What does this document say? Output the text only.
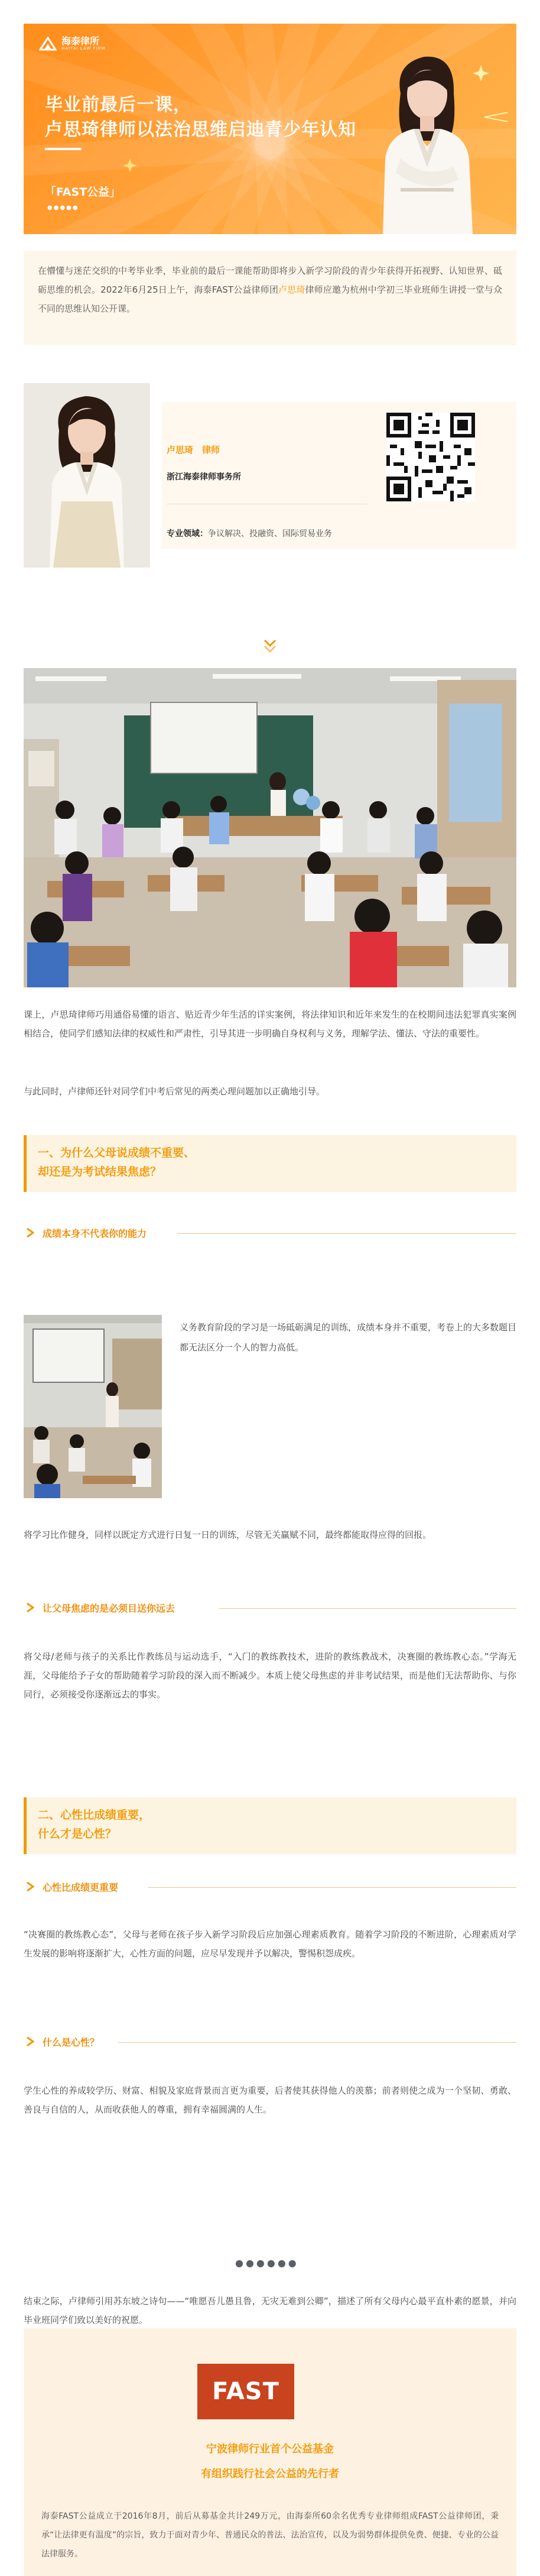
海泰律所
HAITAI LAW FIRM
毕业前最后一课，
卢思琦律师以法治思维启迪青少年认知
「FAST公益」
●●●●●
在懵懂与迷茫交织的中考毕业季，毕业前的最后一课能帮助即将步入新学习阶段的青少年获得开拓视野、认知世界、砥砺思维的机会。2022年6月25日上午，海泰FAST公益律师团卢思琦律师应邀为杭州中学初三毕业班师生讲授一堂与众不同的思维认知公开课。
卢思琦　律师
浙江海泰律师事务所
专业领域：争议解决、投融资、国际贸易业务
课上，卢思琦律师巧用通俗易懂的语言、贴近青少年生活的详实案例，将法律知识和近年来发生的在校期间违法犯罪真实案例相结合，使同学们感知法律的权威性和严肃性，引导其进一步明确自身权利与义务，理解学法、懂法、守法的重要性。
与此同时，卢律师还针对同学们中考后常见的两类心理问题加以正确地引导。
一、为什么父母说成绩不重要、
却还是为考试结果焦虑？
成绩本身不代表你的能力
义务教育阶段的学习是一场砥砺满足的训练，成绩本身并不重要，考卷上的大多数题目都无法区分一个人的智力高低。
将学习比作健身，同样以既定方式进行日复一日的训练，尽管无关赢赋不同，最终都能取得应得的回报。
让父母焦虑的是必须目送你远去
将父母/老师与孩子的关系比作教练员与运动选手，“入门的教练教技术，进阶的教练教战术，决赛圈的教练教心态。”学海无涯，父母能给予子女的帮助随着学习阶段的深入而不断减少。本质上使父母焦虑的并非考试结果，而是他们无法帮助你、与你同行，必须接受你逐渐远去的事实。
二、心性比成绩重要，
什么才是心性？
心性比成绩更重要
“决赛圈的教练教心态”，父母与老师在孩子步入新学习阶段后应加强心理素质教育。随着学习阶段的不断进阶，心理素质对学生发展的影响将逐渐扩大，心性方面的问题，应尽早发现并予以解决，警惕积怨成疾。
什么是心性？
学生心性的养成较学历、财富、相貌及家庭背景而言更为重要，后者使其获得他人的羡慕；前者则使之成为一个坚韧、勇敢、善良与自信的人，从而收获他人的尊重，拥有幸福圆满的人生。
●●●●●●
结束之际，卢律师引用苏东坡之诗句——“唯愿吾儿愚且鲁，无灾无难到公卿”，描述了所有父母内心最平直朴素的愿景，并向毕业班同学们致以美好的祝愿。
FAST
宁波律师行业首个公益基金
有组织践行社会公益的先行者
海泰FAST公益成立于2016年8月，前后从募基金共计249万元，由海泰所60余名优秀专业律师组成FAST公益律师团，秉承“让法律更有温度”的宗旨，致力于面对青少年、普通民众的普法、法治宣传，以及为弱势群体提供免费、便捷、专业的公益法律服务。
